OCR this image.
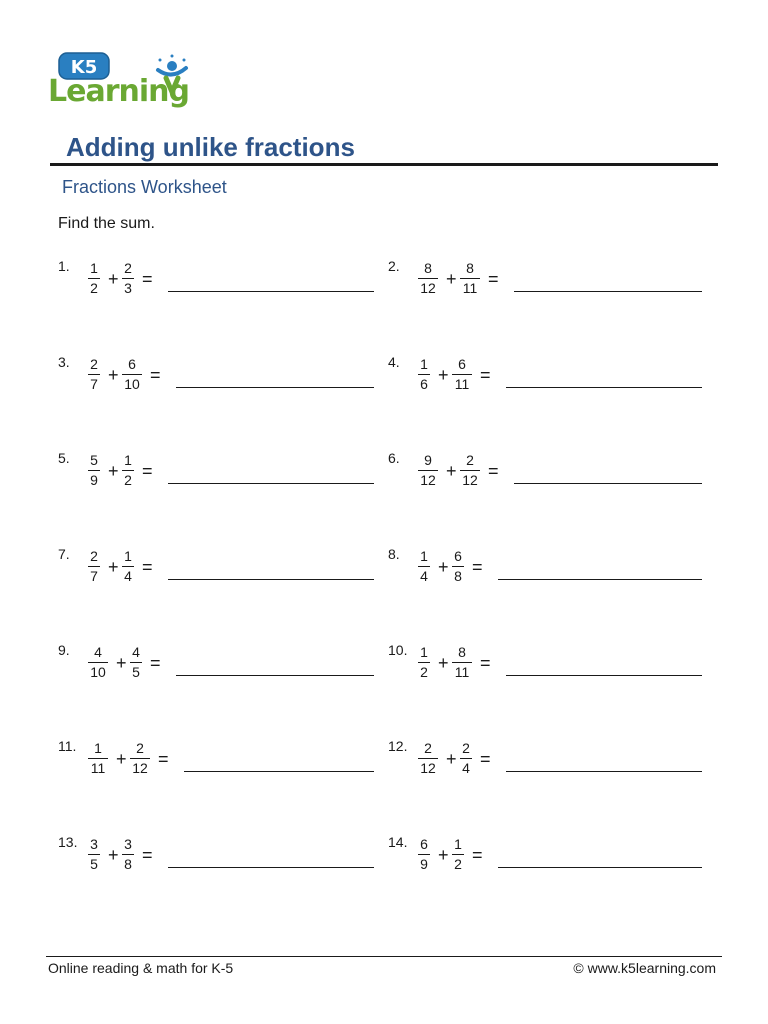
K5
Learning
Adding unlike fractions
Fractions Worksheet
Find the sum.
1. 1
2 +
2
3 =
2.	8
12 +
8
11 =
3. 2
7 +
6
10 =
4. 1
6 +
6
11 =
5. 5
9 +
1
2 =
6.	9
12 +
2
12 =
7. 2
7 +
1
4 =
8. 1
4 +
6
8 =
9.	4
10 +
4
5 =
10. 1
2 +
8
11 =
11.	1
11 +
2
12 =
12.	2
12 +
2
4 =
13. 3
5 +
3
8 =
14. 6
9 +
1
2 =
Online reading & math for K-5	© www.k5learning.com
